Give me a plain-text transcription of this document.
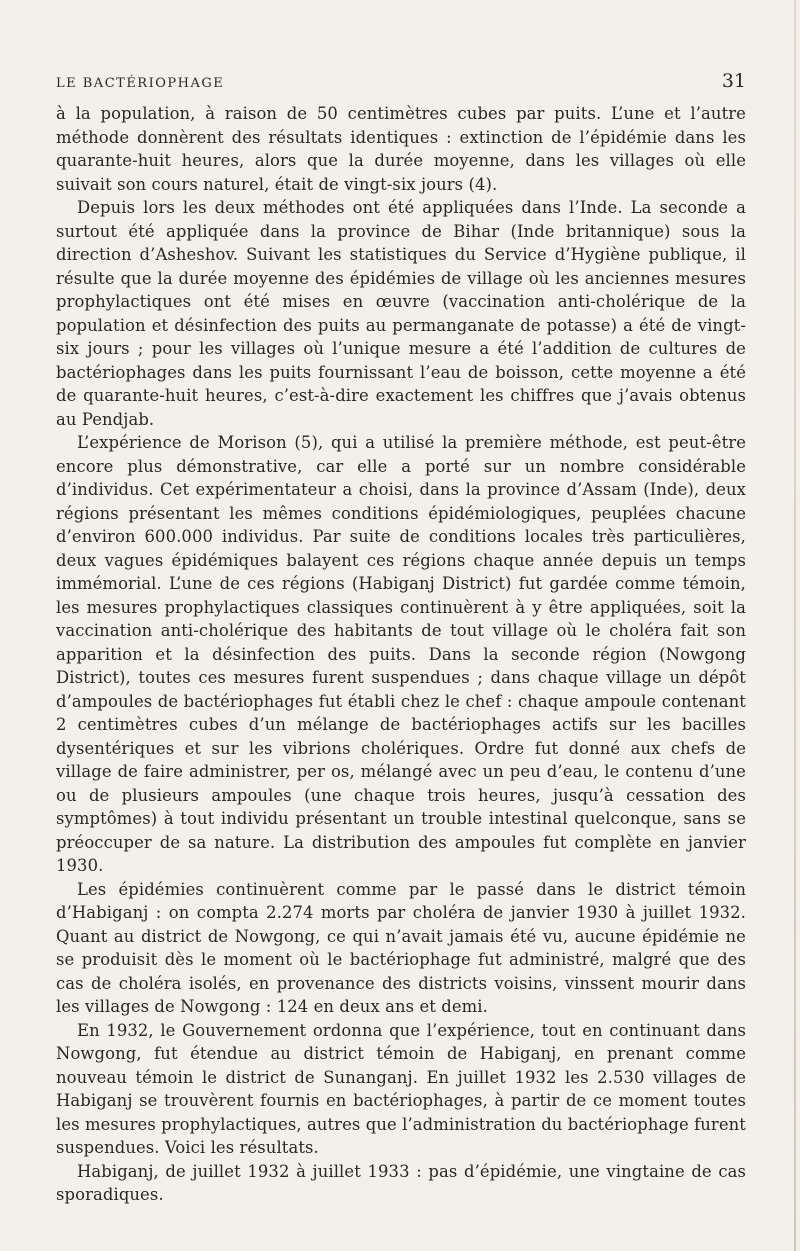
LE BACTÉRIOPHAGE	31

à la population, à raison de 50 centimètres cubes par puits. L’une et l’autre méthode donnèrent des résultats identiques : extinction de l’épidémie dans les quarante-huit heures, alors que la durée moyenne, dans les villages où elle suivait son cours naturel, était de vingt-six jours (4).

Depuis lors les deux méthodes ont été appliquées dans l’Inde. La seconde a surtout été appliquée dans la province de Bihar (Inde britannique) sous la direction d’Asheshov. Suivant les statistiques du Service d’Hygiène publique, il résulte que la durée moyenne des épidémies de village où les anciennes mesures prophylactiques ont été mises en œuvre (vaccination anti-cholérique de la population et désinfection des puits au permanganate de potasse) a été de vingt-six jours ; pour les villages où l’unique mesure a été l’addition de cultures de bactériophages dans les puits fournissant l’eau de boisson, cette moyenne a été de quarante-huit heures, c’est-à-dire exactement les chiffres que j’avais obtenus au Pendjab.

L’expérience de Morison (5), qui a utilisé la première méthode, est peut-être encore plus démonstrative, car elle a porté sur un nombre considérable d’individus. Cet expérimentateur a choisi, dans la province d’Assam (Inde), deux régions présentant les mêmes conditions épidémiologiques, peuplées chacune d’environ 600.000 individus. Par suite de conditions locales très particulières, deux vagues épidémiques balayent ces régions chaque année depuis un temps immémorial. L’une de ces régions (Habiganj District) fut gardée comme témoin, les mesures prophylactiques classiques continuèrent à y être appliquées, soit la vaccination anti-cholérique des habitants de tout village où le choléra fait son apparition et la désinfection des puits. Dans la seconde région (Nowgong District), toutes ces mesures furent suspendues ; dans chaque village un dépôt d’ampoules de bactériophages fut établi chez le chef : chaque ampoule contenant 2 centimètres cubes d’un mélange de bactériophages actifs sur les bacilles dysentériques et sur les vibrions cholériques. Ordre fut donné aux chefs de village de faire administrer, per os, mélangé avec un peu d’eau, le contenu d’une ou de plusieurs ampoules (une chaque trois heures, jusqu’à cessation des symptômes) à tout individu présentant un trouble intestinal quelconque, sans se préoccuper de sa nature. La distribution des ampoules fut complète en janvier 1930.

Les épidémies continuèrent comme par le passé dans le district témoin d’Habiganj : on compta 2.274 morts par choléra de janvier 1930 à juillet 1932. Quant au district de Nowgong, ce qui n’avait jamais été vu, aucune épidémie ne se produisit dès le moment où le bactériophage fut administré, malgré que des cas de choléra isolés, en provenance des districts voisins, vinssent mourir dans les villages de Nowgong : 124 en deux ans et demi.

En 1932, le Gouvernement ordonna que l’expérience, tout en continuant dans Nowgong, fut étendue au district témoin de Habiganj, en prenant comme nouveau témoin le district de Sunanganj. En juillet 1932 les 2.530 villages de Habiganj se trouvèrent fournis en bactériophages, à partir de ce moment toutes les mesures prophylactiques, autres que l’administration du bactériophage furent suspendues. Voici les résultats.

Habiganj, de juillet 1932 à juillet 1933 : pas d’épidémie, une vingtaine de cas sporadiques.
